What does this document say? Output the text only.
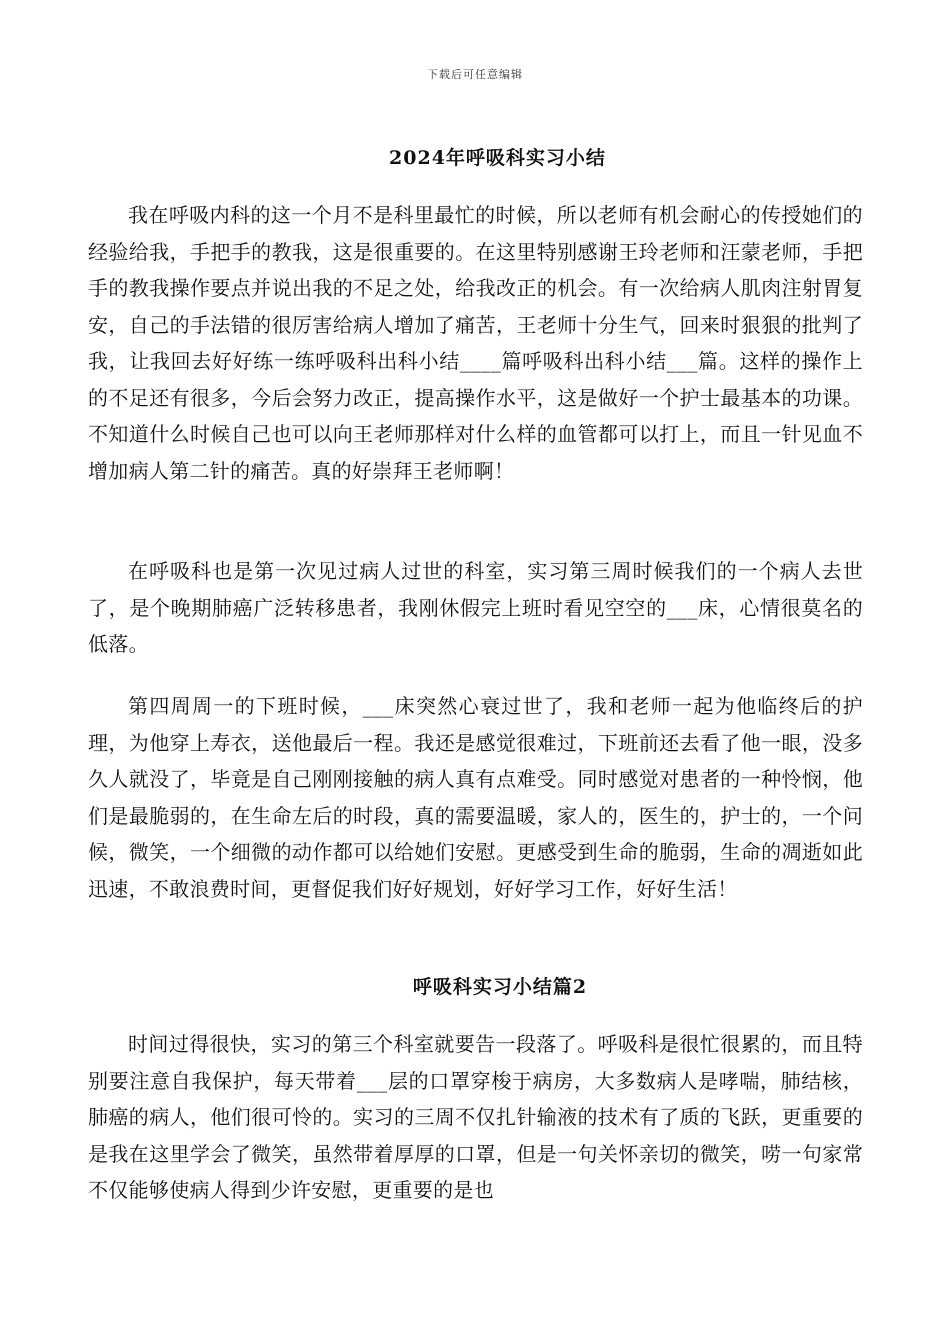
下载后可任意编辑
2024年呼吸科实习小结

我在呼吸内科的这一个月不是科里最忙的时候，所以老师有机会耐心的传授她们的经验给我，手把手的教我，这是很重要的。在这里特别感谢王玲老师和汪蒙老师，手把手的教我操作要点并说出我的不足之处，给我改正的机会。有一次给病人肌肉注射胃复安，自己的手法错的很厉害给病人增加了痛苦，王老师十分生气，回来时狠狠的批判了我，让我回去好好练一练呼吸科出科小结____篇呼吸科出科小结___篇。这样的操作上的不足还有很多，今后会努力改正，提高操作水平，这是做好一个护士最基本的功课。不知道什么时候自己也可以向王老师那样对什么样的血管都可以打上，而且一针见血不增加病人第二针的痛苦。真的好崇拜王老师啊！

在呼吸科也是第一次见过病人过世的科室，实习第三周时候我们的一个病人去世了，是个晚期肺癌广泛转移患者，我刚休假完上班时看见空空的___床，心情很莫名的低落。

第四周周一的下班时候，___床突然心衰过世了，我和老师一起为他临终后的护理，为他穿上寿衣，送他最后一程。我还是感觉很难过，下班前还去看了他一眼，没多久人就没了，毕竟是自己刚刚接触的病人真有点难受。同时感觉对患者的一种怜悯，他们是最脆弱的，在生命左后的时段，真的需要温暖，家人的，医生的，护士的，一个问候，微笑，一个细微的动作都可以给她们安慰。更感受到生命的脆弱，生命的凋逝如此迅速，不敢浪费时间，更督促我们好好规划，好好学习工作，好好生活！

呼吸科实习小结篇2

时间过得很快，实习的第三个科室就要告一段落了。呼吸科是很忙很累的，而且特别要注意自我保护，每天带着___层的口罩穿梭于病房，大多数病人是哮喘，肺结核，肺癌的病人，他们很可怜的。实习的三周不仅扎针输液的技术有了质的飞跃，更重要的是我在这里学会了微笑，虽然带着厚厚的口罩，但是一句关怀亲切的微笑，唠一句家常不仅能够使病人得到少许安慰，更重要的是也
